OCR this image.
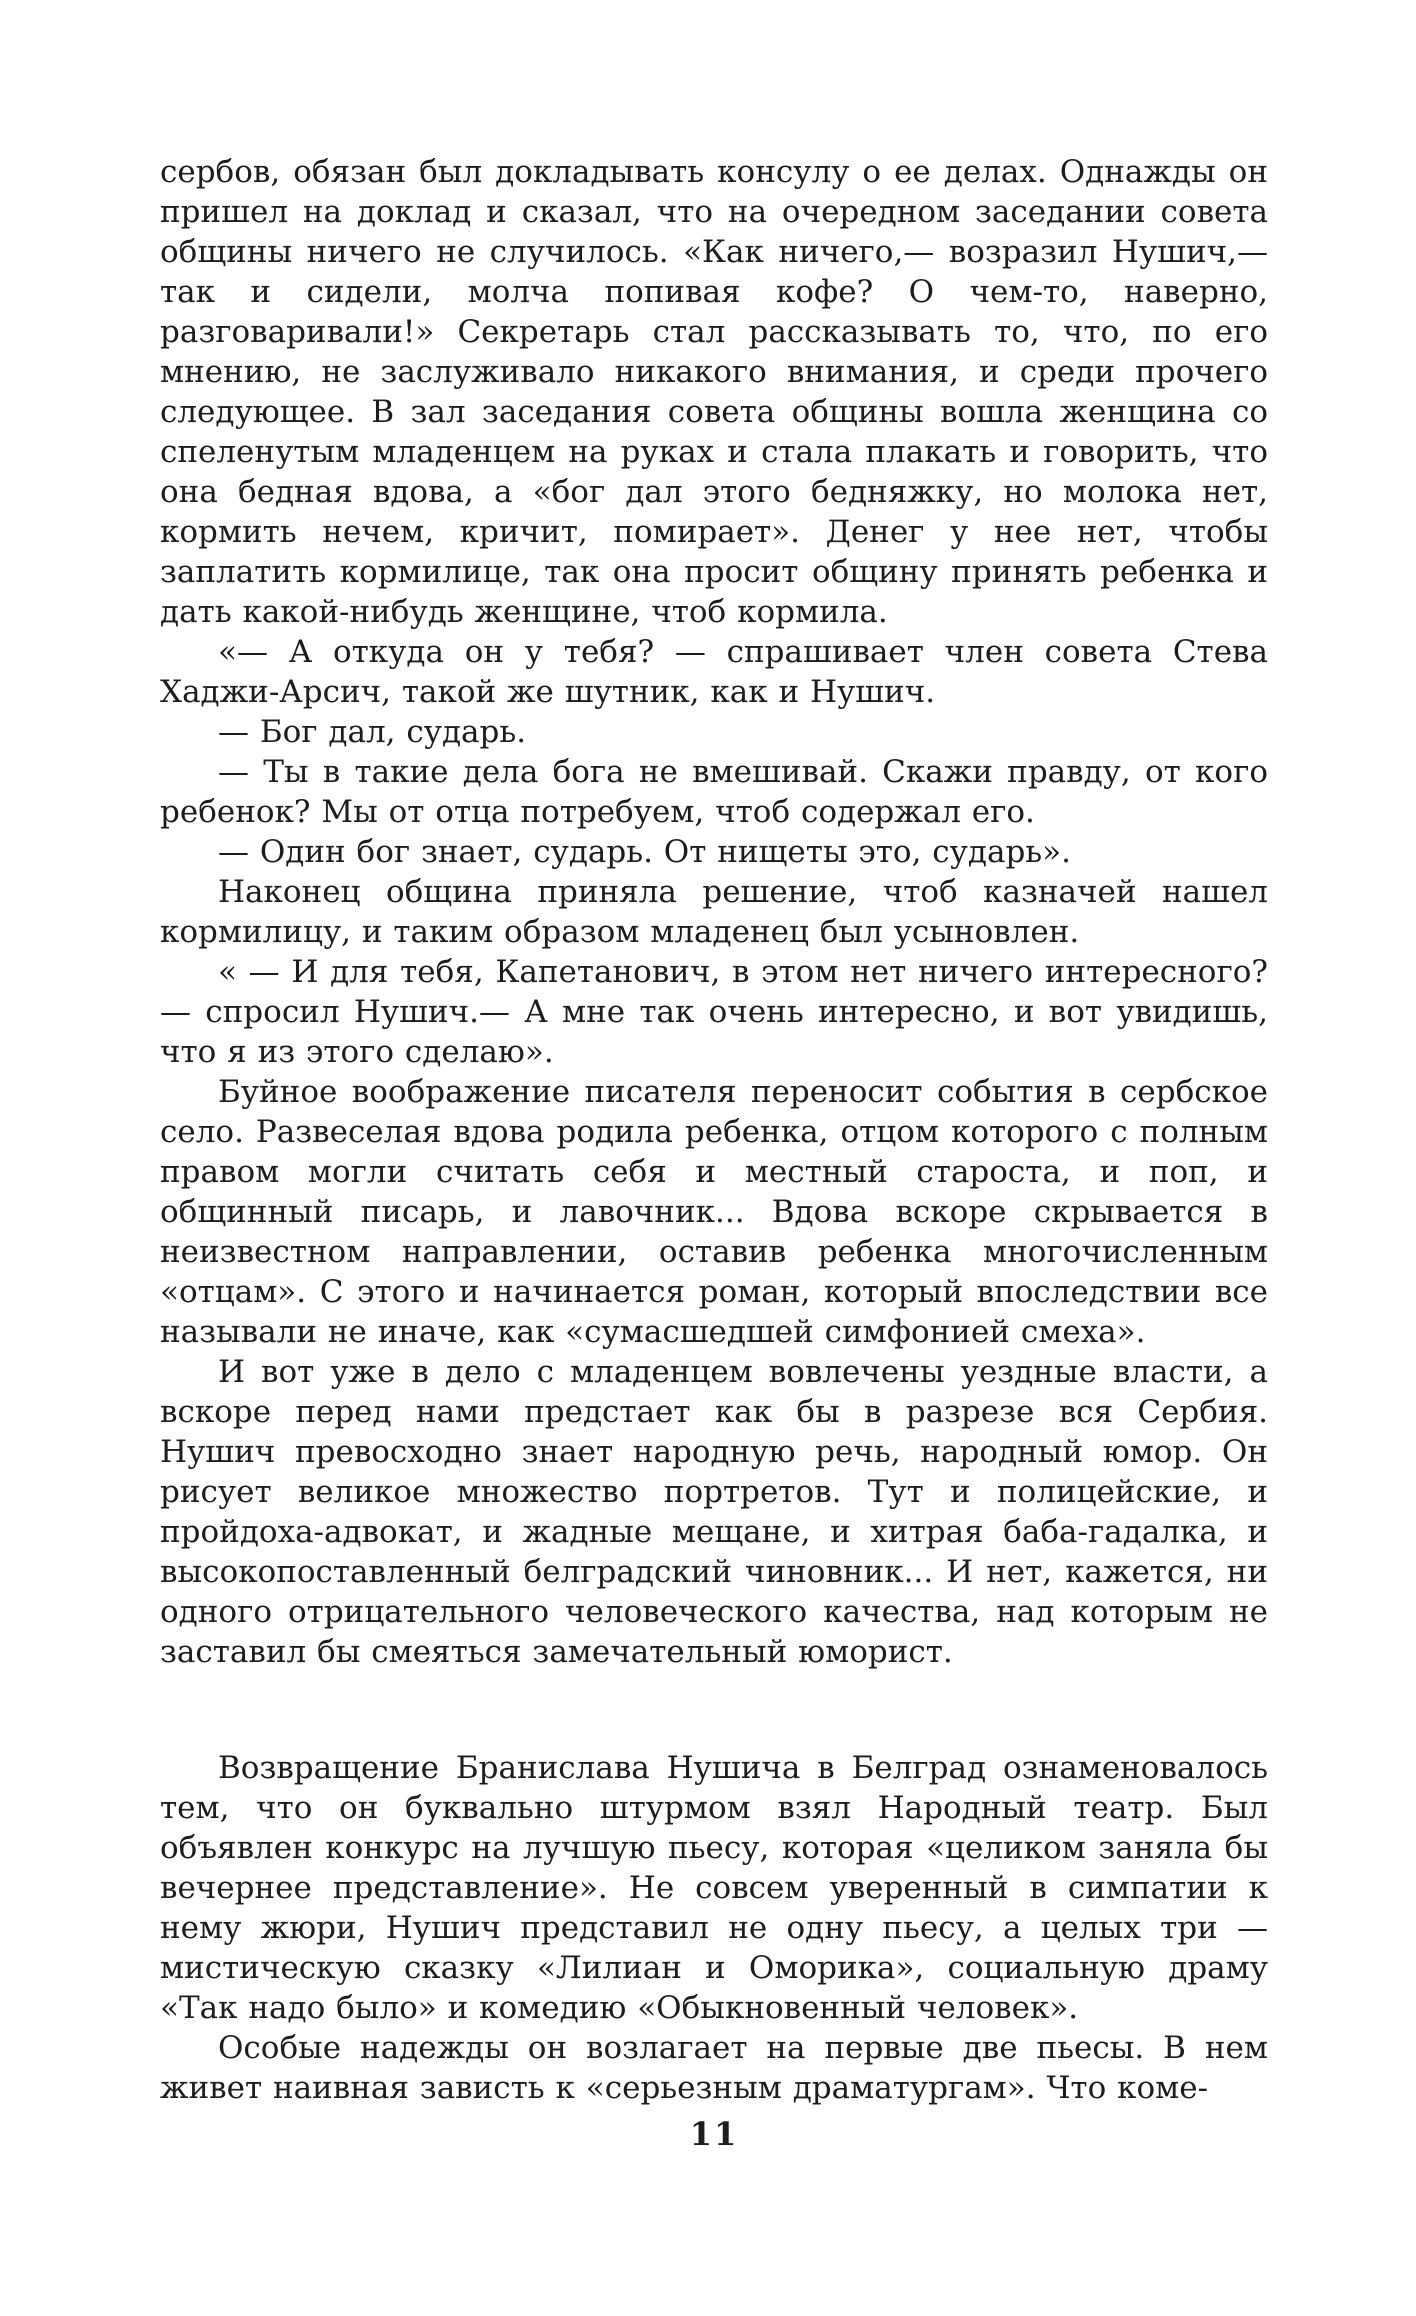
сербов, обязан был докладывать консулу о ее делах. Однажды он пришел на доклад и сказал, что на очередном заседании совета общины ничего не случилось. «Как ничего,— возразил Нушич,— так и сидели, молча попивая кофе? О чем-то, наверно, разговаривали!» Секретарь стал рассказывать то, что, по его мнению, не заслуживало никакого внимания, и среди прочего следующее. В зал заседания совета общины вошла женщина со спеленутым младенцем на руках и стала плакать и говорить, что она бедная вдова, а «бог дал этого бедняжку, но молока нет, кормить нечем, кричит, помирает». Денег у нее нет, чтобы заплатить кормилице, так она просит общину принять ребенка и дать какой-нибудь женщине, чтоб кормила.

«— А откуда он у тебя? — спрашивает член совета Стева Хаджи-Арсич, такой же шутник, как и Нушич.

— Бог дал, сударь.

— Ты в такие дела бога не вмешивай. Скажи правду, от кого ребенок? Мы от отца потребуем, чтоб содержал его.

— Один бог знает, сударь. От нищеты это, сударь».

Наконец община приняла решение, чтоб казначей нашел кормилицу, и таким образом младенец был усыновлен.

« — И для тебя, Капетанович, в этом нет ничего интересного? — спросил Нушич.— А мне так очень интересно, и вот увидишь, что я из этого сделаю».

Буйное воображение писателя переносит события в сербское село. Развеселая вдова родила ребенка, отцом которого с полным правом могли считать себя и местный староста, и поп, и общинный писарь, и лавочник... Вдова вскоре скрывается в неизвестном направлении, оставив ребенка многочисленным «отцам». С этого и начинается роман, который впоследствии все называли не иначе, как «сумасшедшей симфонией смеха».

И вот уже в дело с младенцем вовлечены уездные власти, а вскоре перед нами предстает как бы в разрезе вся Сербия. Нушич превосходно знает народную речь, народный юмор. Он рисует великое множество портретов. Тут и полицейские, и пройдоха-адвокат, и жадные мещане, и хитрая баба-гадалка, и высокопоставленный белградский чиновник... И нет, кажется, ни одного отрицательного человеческого качества, над которым не заставил бы смеяться замечательный юморист.

Возвращение Бранислава Нушича в Белград ознаменовалось тем, что он буквально штурмом взял Народный театр. Был объявлен конкурс на лучшую пьесу, которая «целиком заняла бы вечернее представление». Не совсем уверенный в симпатии к нему жюри, Нушич представил не одну пьесу, а целых три — мистическую сказку «Лилиан и Оморика», социальную драму «Так надо было» и комедию «Обыкновенный человек».

Особые надежды он возлагает на первые две пьесы. В нем живет наивная зависть к «серьезным драматургам». Что коме-

11
